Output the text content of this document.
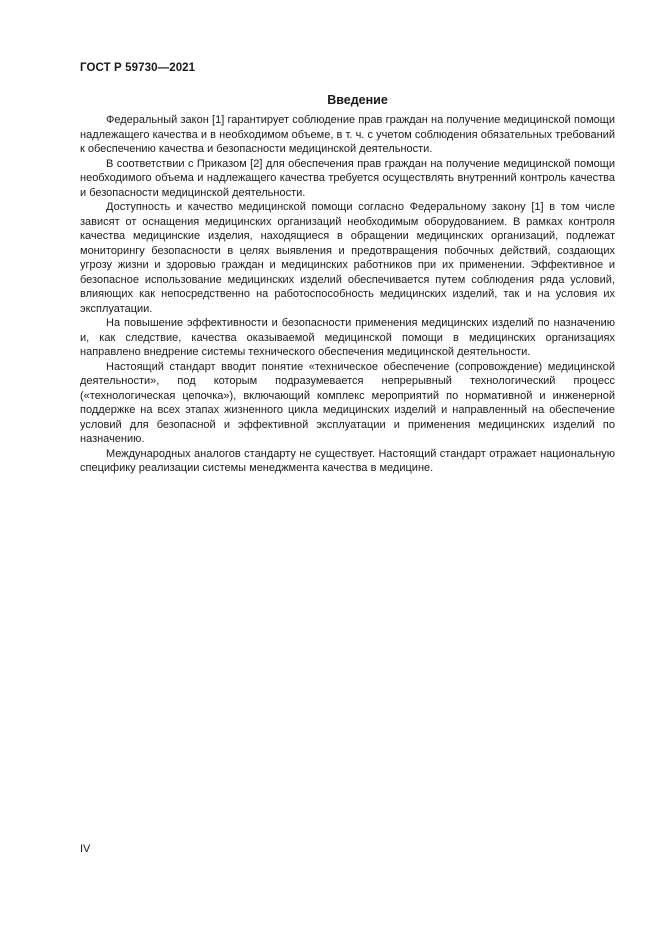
ГОСТ Р 59730—2021
Введение

Федеральный закон [1] гарантирует соблюдение прав граждан на получение медицинской помощи надлежащего качества и в необходимом объеме, в т. ч. с учетом соблюдения обязательных требований к обеспечению качества и безопасности медицинской деятельности.

В соответствии с Приказом [2] для обеспечения прав граждан на получение медицинской помощи необходимого объема и надлежащего качества требуется осуществлять внутренний контроль качества и безопасности медицинской деятельности.

Доступность и качество медицинской помощи согласно Федеральному закону [1] в том числе зависят от оснащения медицинских организаций необходимым оборудованием. В рамках контроля качества медицинские изделия, находящиеся в обращении медицинских организаций, подлежат мониторингу безопасности в целях выявления и предотвращения побочных действий, создающих угрозу жизни и здоровью граждан и медицинских работников при их применении. Эффективное и безопасное использование медицинских изделий обеспечивается путем соблюдения ряда условий, влияющих как непосредственно на работоспособность медицинских изделий, так и на условия их эксплуатации.

На повышение эффективности и безопасности применения медицинских изделий по назначению и, как следствие, качества оказываемой медицинской помощи в медицинских организациях направлено внедрение системы технического обеспечения медицинской деятельности.

Настоящий стандарт вводит понятие «техническое обеспечение (сопровождение) медицинской деятельности», под которым подразумевается непрерывный технологический процесс («технологическая цепочка»), включающий комплекс мероприятий по нормативной и инженерной поддержке на всех этапах жизненного цикла медицинских изделий и направленный на обеспечение условий для безопасной и эффективной эксплуатации и применения медицинских изделий по назначению.

Международных аналогов стандарту не существует. Настоящий стандарт отражает национальную специфику реализации системы менеджмента качества в медицине.

IV
